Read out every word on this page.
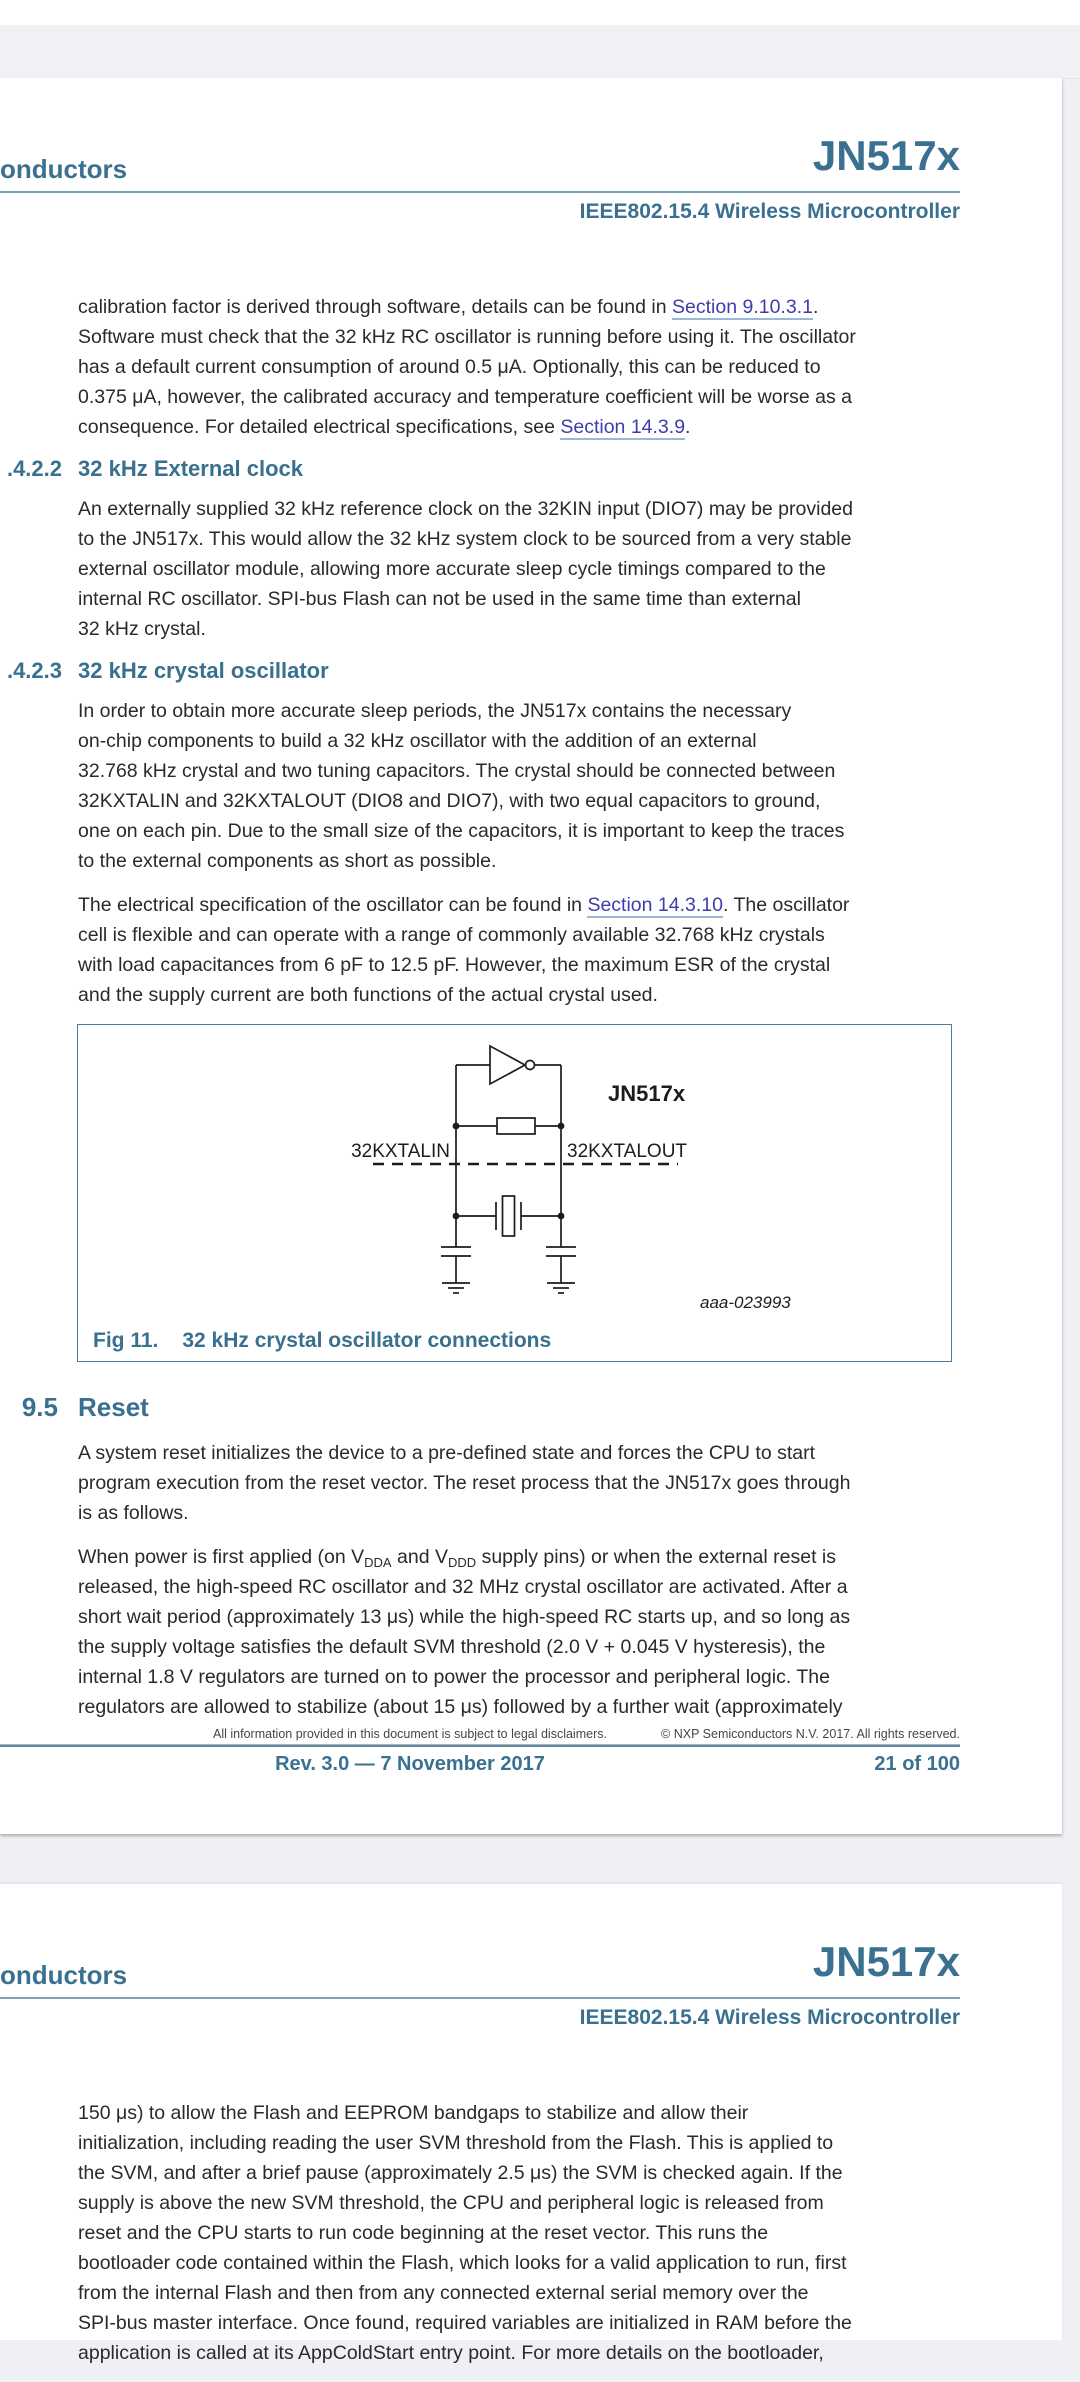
onductors	JN517x
IEEE802.15.4 Wireless Microcontroller
calibration factor is derived through software, details can be found in Section 9.10.3.1.
Software must check that the 32 kHz RC oscillator is running before using it. The oscillator
has a default current consumption of around 0.5 μA. Optionally, this can be reduced to
0.375 μA, however, the calibrated accuracy and temperature coefficient will be worse as a
consequence. For detailed electrical specifications, see Section 14.3.9.
.4.2.2 32 kHz External clock
An externally supplied 32 kHz reference clock on the 32KIN input (DIO7) may be provided
to the JN517x. This would allow the 32 kHz system clock to be sourced from a very stable
external oscillator module, allowing more accurate sleep cycle timings compared to the
internal RC oscillator. SPI-bus Flash can not be used in the same time than external
32 kHz crystal.
.4.2.3 32 kHz crystal oscillator
In order to obtain more accurate sleep periods, the JN517x contains the necessary
on-chip components to build a 32 kHz oscillator with the addition of an external
32.768 kHz crystal and two tuning capacitors. The crystal should be connected between
32KXTALIN and 32KXTALOUT (DIO8 and DIO7), with two equal capacitors to ground,
one on each pin. Due to the small size of the capacitors, it is important to keep the traces
to the external components as short as possible.
The electrical specification of the oscillator can be found in Section 14.3.10. The oscillator
cell is flexible and can operate with a range of commonly available 32.768 kHz crystals
with load capacitances from 6 pF to 12.5 pF. However, the maximum ESR of the crystal
and the supply current are both functions of the actual crystal used.
JN517x
32KXTALIN	32KXTALOUT
aaa-023993
Fig 11. 32 kHz crystal oscillator connections
9.5 Reset
A system reset initializes the device to a pre-defined state and forces the CPU to start
program execution from the reset vector. The reset process that the JN517x goes through
is as follows.
When power is first applied (on $V_{DDA}$ and $V_{DDD}$ supply pins) or when the external reset is
released, the high-speed RC oscillator and 32 MHz crystal oscillator are activated. After a
short wait period (approximately 13 μs) while the high-speed RC starts up, and so long as
the supply voltage satisfies the default SVM threshold (2.0 V + 0.045 V hysteresis), the
internal 1.8 V regulators are turned on to power the processor and peripheral logic. The
regulators are allowed to stabilize (about 15 μs) followed by a further wait (approximately
All information provided in this document is subject to legal disclaimers.	© NXP Semiconductors N.V. 2017. All rights reserved.
Rev. 3.0 — 7 November 2017	21 of 100
onductors	JN517x
IEEE802.15.4 Wireless Microcontroller
150 μs) to allow the Flash and EEPROM bandgaps to stabilize and allow their
initialization, including reading the user SVM threshold from the Flash. This is applied to
the SVM, and after a brief pause (approximately 2.5 μs) the SVM is checked again. If the
supply is above the new SVM threshold, the CPU and peripheral logic is released from
reset and the CPU starts to run code beginning at the reset vector. This runs the
bootloader code contained within the Flash, which looks for a valid application to run, first
from the internal Flash and then from any connected external serial memory over the
SPI-bus master interface. Once found, required variables are initialized in RAM before the
application is called at its AppColdStart entry point. For more details on the bootloader,
